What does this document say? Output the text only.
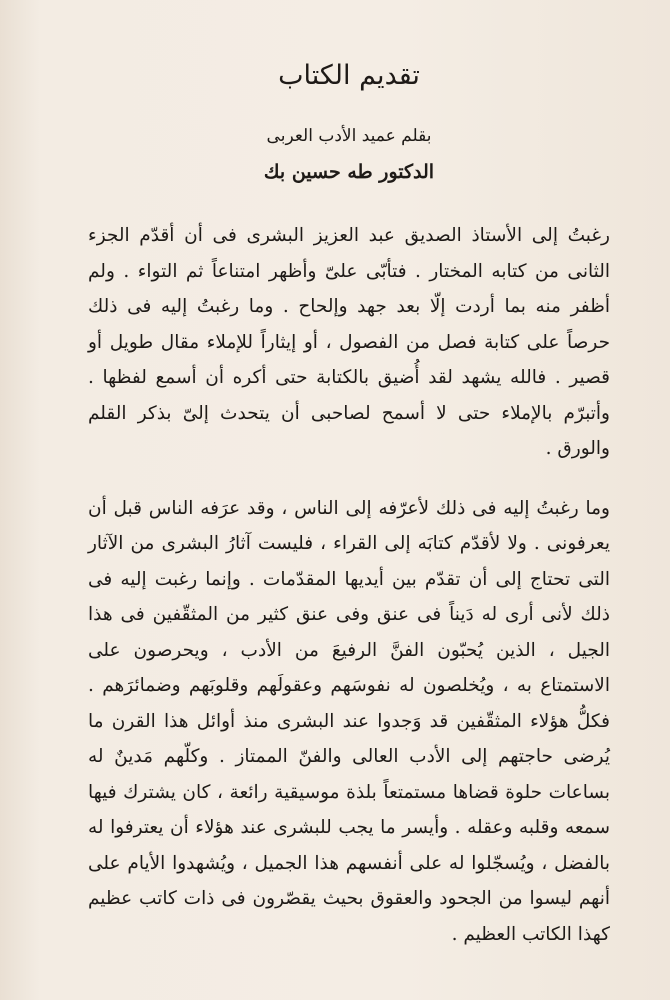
تقديم الكتاب
بقلم عميد الأدب العربى
الدكتور طه حسين بك

رغبتُ إلى الأستاذ الصديق عبد العزيز البشرى فى أن أقدّم الجزء الثانى من كتابه المختار . فتأبّى علىّ وأظهر امتناعاً ثم التواء . ولم أظفر منه بما أردت إلّا بعد جهد وإلحاح . وما رغبتُ إليه فى ذلك حرصاً على كتابة فصل من الفصول ، أو إيثاراً للإملاء مقال طويل أو قصير . فالله يشهد لقد أُضيق بالكتابة حتى أكره أن أسمع لفظها . وأتبرّم بالإملاء حتى لا أسمح لصاحبى أن يتحدث إلىّ بذكر القلم والورق .

وما رغبتُ إليه فى ذلك لأعرّفه إلى الناس ، وقد عرَفه الناس قبل أن يعرفونى . ولا لأقدّم كتابَه إلى القراء ، فليست آثارُ البشرى من الآثار التى تحتاج إلى أن تقدّم بين أيديها المقدّمات . وإنما رغبت إليه فى ذلك لأنى أرى له دَيناً فى عنق وفى عنق كثير من المثقّفين فى هذا الجيل ، الذين يُحبّون الفنَّ الرفيعَ من الأدب ، ويحرصون على الاستمتاع به ، ويُخلصون له نفوسَهم وعقولَهم وقلوبَهم وضمائرَهم . فكلُّ هؤلاء المثقّفين قد وَجدوا عند البشرى منذ أوائل هذا القرن ما يُرضى حاجتهم إلى الأدب العالى والفنّ الممتاز . وكلّهم مَدينٌ له بساعات حلوة قضاها مستمتعاً بلذة موسيقية رائعة ، كان يشترك فيها سمعه وقلبه وعقله . وأيسر ما يجب للبشرى عند هؤلاء أن يعترفوا له بالفضل ، ويُسجّلوا له على أنفسهم هذا الجميل ، ويُشهدوا الأيام على أنهم ليسوا من الجحود والعقوق بحيث يقصّرون فى ذات كاتب عظيم كهذا الكاتب العظيم .
